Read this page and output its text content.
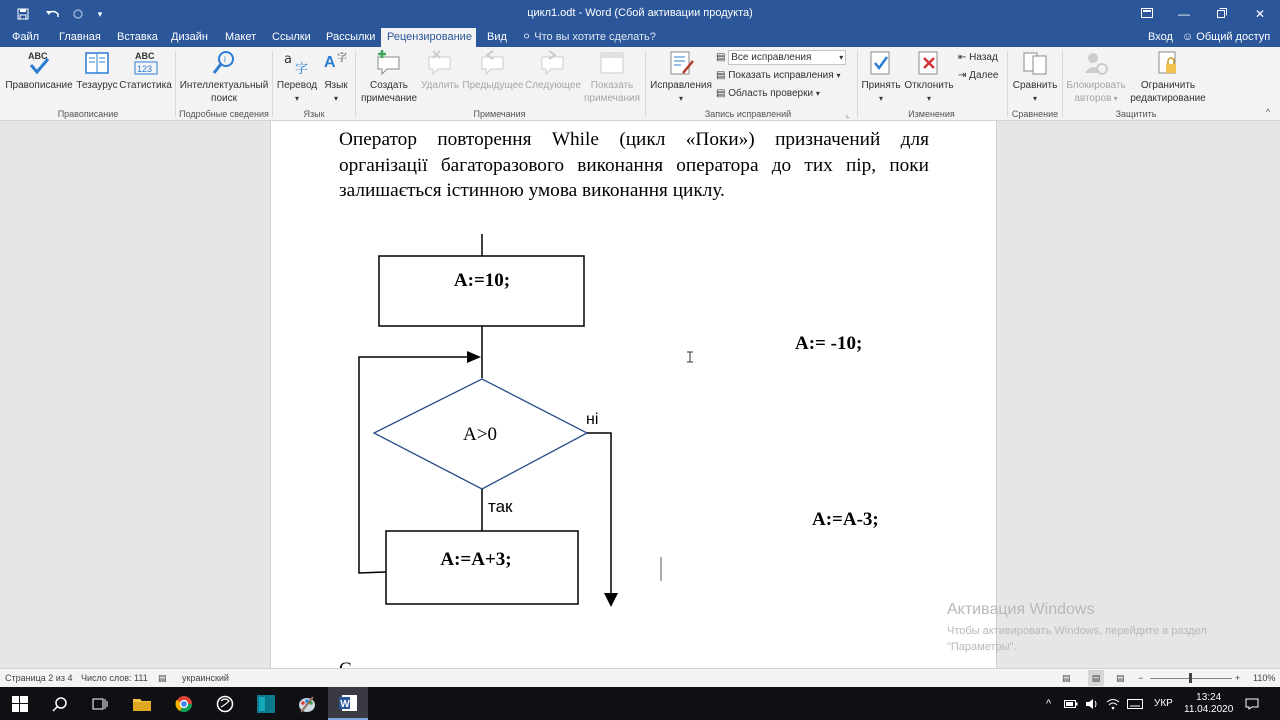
▾	цикл1.odt - Word (Сбой активации продукта)	—	✕
Файл	Главная	Вставка	Дизайн	Макет	Ссылки	Рассылки	Рецензирование	Вид	⚪ Что вы хотите сделать?	Вход ☺ Общий доступ
ABC
Правописание Тезаурус
ABC
123
Статистика
Правописание
i
Интеллектуальный
поиск
Подробные сведения
a
字
Перевод
▾
A 字
Язык
▾
Язык
Создать
примечание
Удалить Предыдущее Следующее Показать
примечания
Примечания
Исправления
▾
▤ Все исправления	▾
▤ Показать исправления ▾
▤ Область проверки ▾
Запись исправлений	⌞
Принять
▾
Отклонить
▾
⇤ Назад
⇥ Далее
Изменения
Сравнить
▾
Сравнение
Блокировать
авторов ▾
Ограничить
редактирование
Защитить	^
Оператор повторення While (цикл «Поки») призначений для організації багаторазового виконання оператора до тих пір, поки залишається істинною умова виконання циклу.
A:=10;
A>0
ні
так
A:=A+3;
A:= -10;
A:=A-3;
Активация Windows
Чтобы активировать Windows, перейдите в раздел
"Параметры".
Страница 2 из 4 Число слов: 111 ▤ украинский	▤	▤	▤ −	+ 110%
W	^	УКР
13:24
11.04.2020
